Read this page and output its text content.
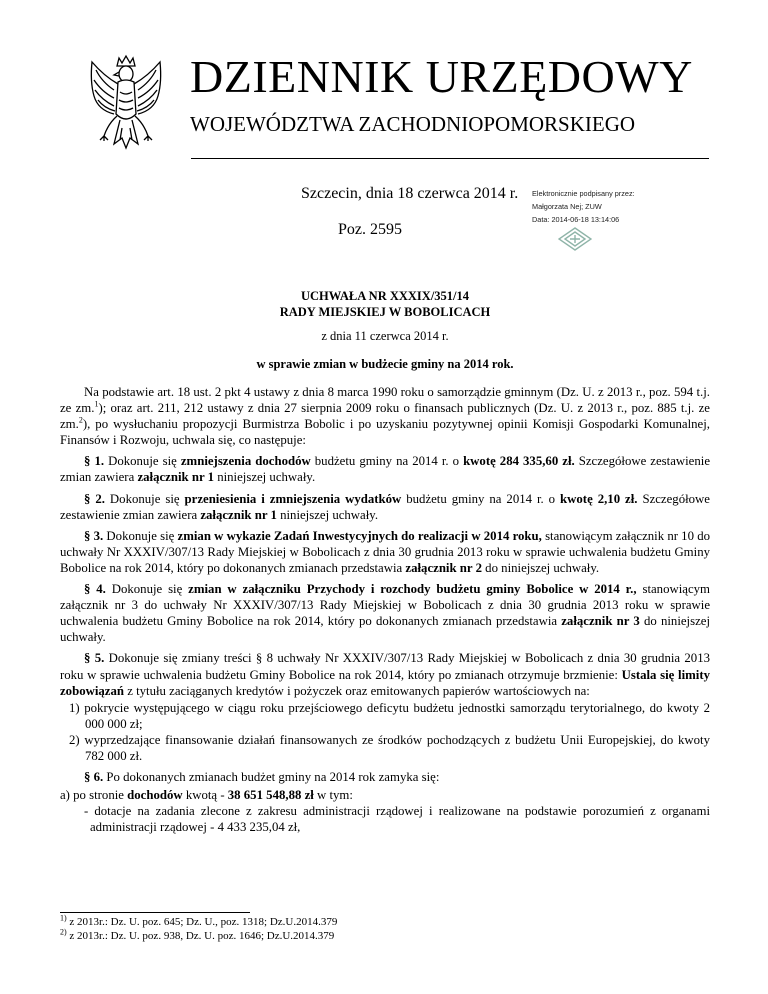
DZIENNIK URZĘDOWY
WOJEWÓDZTWA ZACHODNIOPOMORSKIEGO
Szczecin, dnia 18 czerwca 2014 r.
Poz. 2595
Elektronicznie podpisany przez:
Małgorzata Nej; ZUW
Data: 2014-06-18 13:14:06
UCHWAŁA NR XXXIX/351/14
RADY MIEJSKIEJ W BOBOLICACH
z dnia 11 czerwca 2014 r.
w sprawie zmian w budżecie gminy na 2014 rok.

Na podstawie art. 18 ust. 2 pkt 4 ustawy z dnia 8 marca 1990 roku o samorządzie gminnym (Dz. U. z 2013 r., poz. 594 t.j. ze zm.$^1$); oraz art. 211, 212 ustawy z dnia 27 sierpnia 2009 roku o finansach publicznych (Dz. U. z 2013 r., poz. 885 t.j. ze zm.$^2$), po wysłuchaniu propozycji Burmistrza Bobolic i po uzyskaniu pozytywnej opinii Komisji Gospodarki Komunalnej, Finansów i Rozwoju, uchwala się, co następuje:

§ 1. Dokonuje się zmniejszenia dochodów budżetu gminy na 2014 r. o kwotę 284 335,60 zł. Szczegółowe zestawienie zmian zawiera załącznik nr 1 niniejszej uchwały.

§ 2. Dokonuje się przeniesienia i zmniejszenia wydatków budżetu gminy na 2014 r. o kwotę 2,10 zł. Szczegółowe zestawienie zmian zawiera załącznik nr 1 niniejszej uchwały.

§ 3. Dokonuje się zmian w wykazie Zadań Inwestycyjnych do realizacji w 2014 roku, stanowiącym załącznik nr 10 do uchwały Nr XXXIV/307/13 Rady Miejskiej w Bobolicach z dnia 30 grudnia 2013 roku w sprawie uchwalenia budżetu Gminy Bobolice na rok 2014, który po dokonanych zmianach przedstawia załącznik nr 2 do niniejszej uchwały.

§ 4. Dokonuje się zmian w załączniku Przychody i rozchody budżetu gminy Bobolice w 2014 r., stanowiącym załącznik nr 3 do uchwały Nr XXXIV/307/13 Rady Miejskiej w Bobolicach z dnia 30 grudnia 2013 roku w sprawie uchwalenia budżetu Gminy Bobolice na rok 2014, który po dokonanych zmianach przedstawia załącznik nr 3 do niniejszej uchwały.

§ 5. Dokonuje się zmiany treści § 8 uchwały Nr XXXIV/307/13 Rady Miejskiej w Bobolicach z dnia 30 grudnia 2013 roku w sprawie uchwalenia budżetu Gminy Bobolice na rok 2014, który po zmianach otrzymuje brzmienie: Ustala się limity zobowiązań z tytułu zaciąganych kredytów i pożyczek oraz emitowanych papierów wartościowych na:

1) pokrycie występującego w ciągu roku przejściowego deficytu budżetu jednostki samorządu terytorialnego, do kwoty 2 000 000 zł;
2) wyprzedzające finansowanie działań finansowanych ze środków pochodzących z budżetu Unii Europejskiej, do kwoty 782 000 zł.

§ 6. Po dokonanych zmianach budżet gminy na 2014 rok zamyka się:

a) po stronie dochodów kwotą - 38 651 548,88 zł w tym:
- dotacje na zadania zlecone z zakresu administracji rządowej i realizowane na podstawie porozumień z organami administracji rządowej - 4 433 235,04 zł,
$^{1)}$ z 2013r.: Dz. U. poz. 645; Dz. U., poz. 1318; Dz.U.2014.379
$^{2)}$ z 2013r.: Dz. U. poz. 938, Dz. U. poz. 1646; Dz.U.2014.379
